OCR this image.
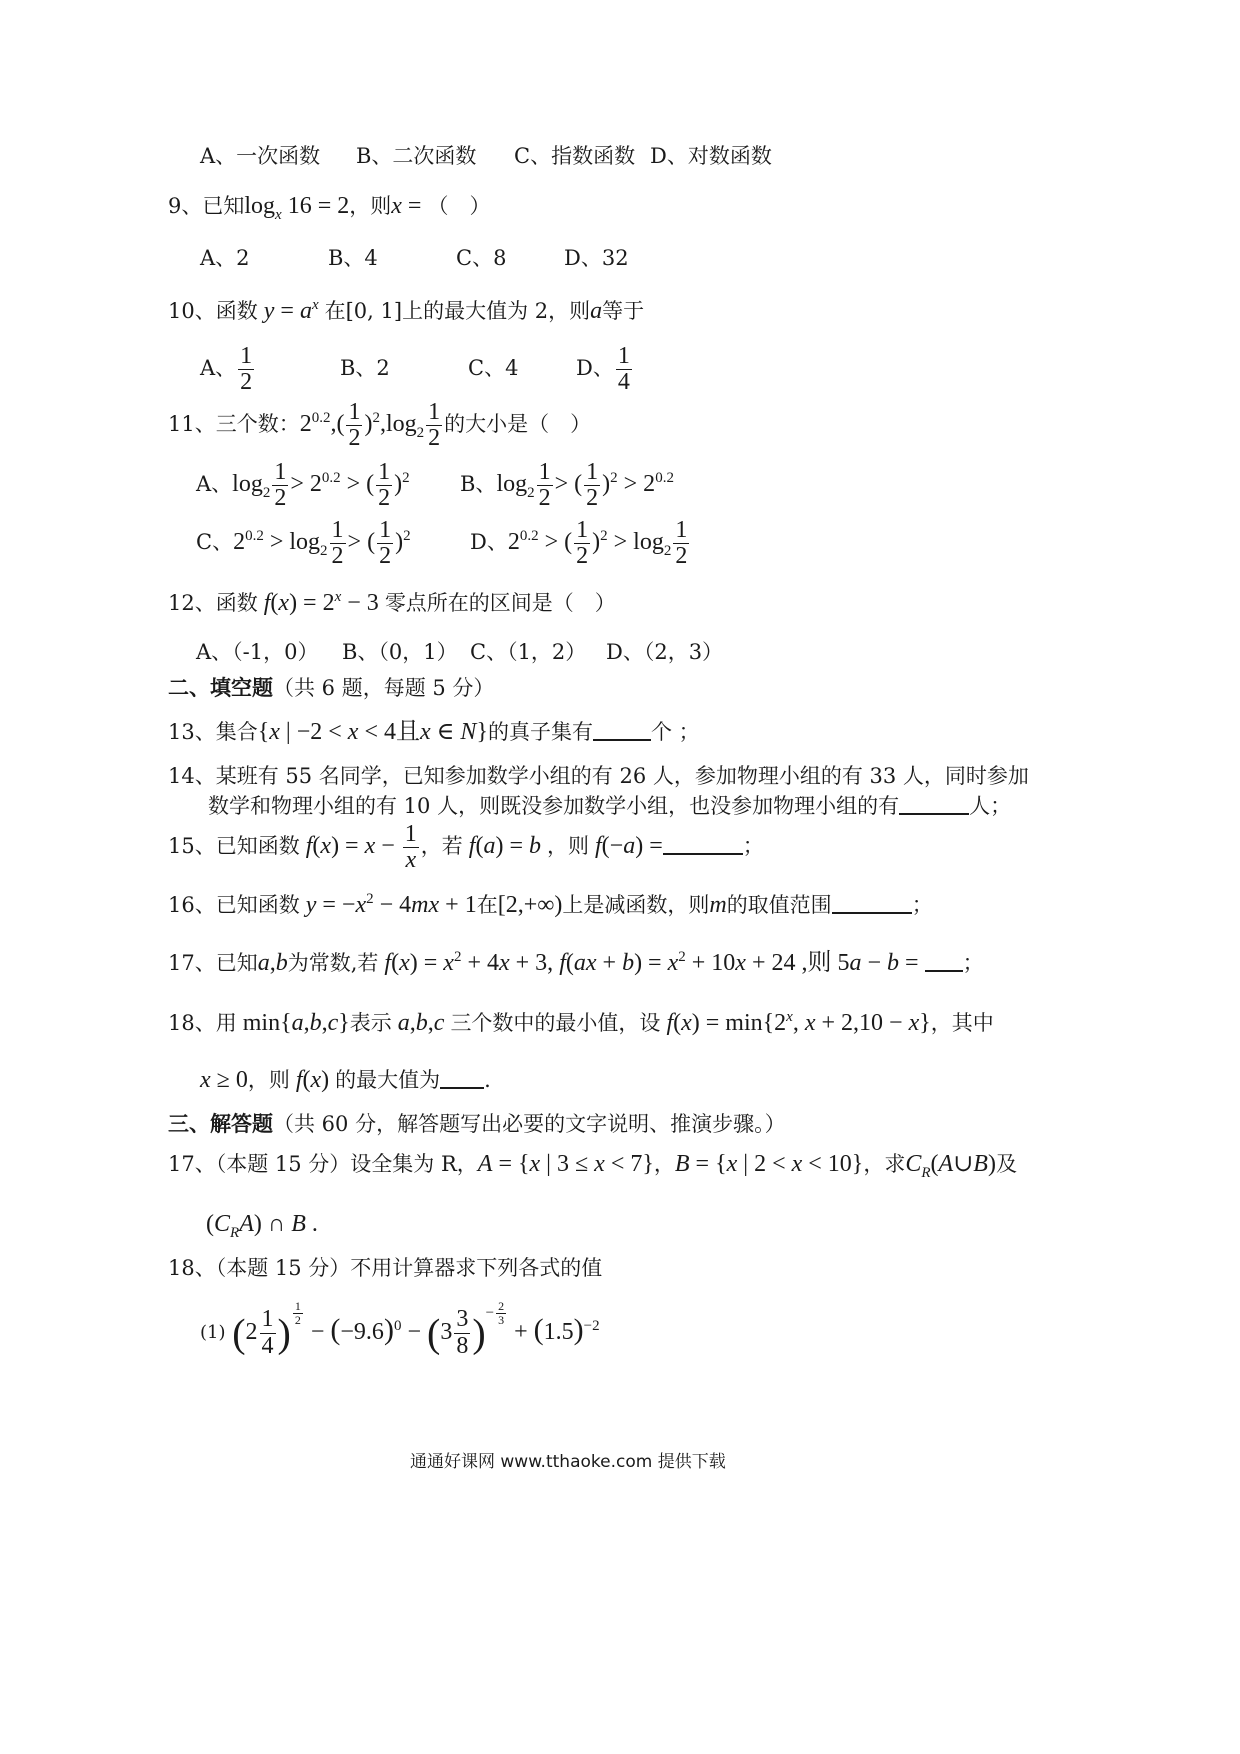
A、一次函数 B、二次函数 C、指数函数 D、对数函数
9、已知$\log_x 16 = 2$，则x = （　）
A、2	B、4	C、8	D、32
10、函数 $y = a^x$ 在[0, 1]上的最大值为 2，则a等于
A、 $\frac{1}{2}$	B、2	C、4	D、 $\frac{1}{4}$
11、三个数：$2^{0.2},( \frac{1}{2} )^2,\log_2 \frac{1}{2}$ 的大小是（　）
A、$\log_2 \frac{1}{2} > 2^{0.2}$ > ( $\frac{1}{2} )^2$ B、$\log_2 \frac{1}{2}$ > ( $\frac{1}{2} )^2 > 2^{0.2}$
C、$2^{0.2} > \log_2 \frac{1}{2}$ > ( $\frac{1}{2} )^2$	D、$2^{0.2}$ > ( $\frac{1}{2} )^2 > \log_2 \frac{1}{2}$
12、函数 $f(x) = 2^x - 3$ 零点所在的区间是（　）
A、（-1，0） B、（0，1） C、（1，2） D、（2，3）
二、填空题（共 6 题，每题 5 分）
13、集合{x | −2 < x < 4且x ∈ N}的真子集有	个 ；
14、某班有 55 名同学，已知参加数学小组的有 26 人，参加物理小组的有 33 人，同时参加
数学和物理小组的有 10 人，则既没参加数学小组，也没参加物理小组的有	人；
15、已知函数 $f(x) = x - \frac{1}{x}$ ，若 f(a) = b ，则 f(−a) =	；
16、已知函数 $y = -x^2 - 4mx + 1$在[2,+∞)上是减函数，则m的取值范围	；
17、已知a,b为常数,若 $f(x) = x^2 + 4x + 3$, $f(ax + b) = x^2 + 10x + 24$ ,则 5a − b = ；
18、用 min{a,b,c}表示 a,b,c 三个数中的最小值，设 $f(x) = \min\{2^x$, x + 2,10 − x}，其中
x ≥ 0，则 f(x) 的最大值为 .
三、解答题（共 60 分，解答题写出必要的文字说明、推演步骤。）
17、（本题 15 分）设全集为 R，A = {x | 3 ≤ x < 7}，B = {x | 2 < x < 10}，求$C_R(A\cup B)$及
$(C_RA)$ ∩ B .
18、（本题 15 分）不用计算器求下列各式的值
(1) ($2 \frac{1}{4}$ ) $^{\frac{1}{2}}$
− $(-9.6)^0 - (3 \frac{3}{8} )^{- \frac{2}{3}}$
+ $(1.5)^{-2}$
通通好课网 www.tthaoke.com 提供下载
